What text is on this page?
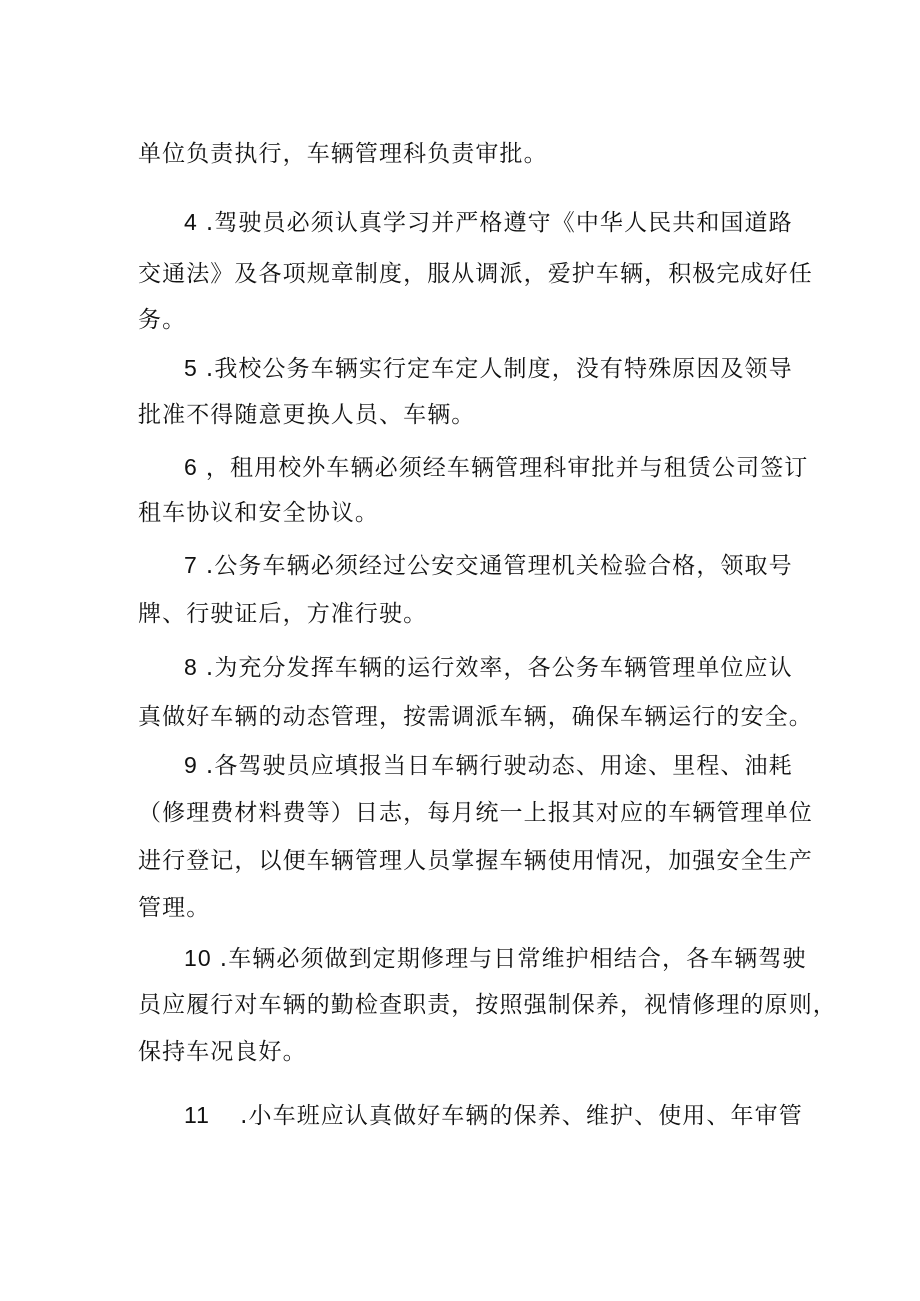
单位负责执行，车辆管理科负责审批。
4 .驾驶员必须认真学习并严格遵守《中华人民共和国道路
交通法》及各项规章制度，服从调派，爱护车辆，积极完成好任
务。
5 .我校公务车辆实行定车定人制度，没有特殊原因及领导
批准不得随意更换人员、车辆。
6 ，租用校外车辆必须经车辆管理科审批并与租赁公司签订
租车协议和安全协议。
7 .公务车辆必须经过公安交通管理机关检验合格，领取号
牌、行驶证后，方准行驶。
8 .为充分发挥车辆的运行效率，各公务车辆管理单位应认
真做好车辆的动态管理，按需调派车辆，确保车辆运行的安全。
9 .各驾驶员应填报当日车辆行驶动态、用途、里程、油耗
（修理费材料费等）日志，每月统一上报其对应的车辆管理单位
进行登记，以便车辆管理人员掌握车辆使用情况，加强安全生产
管理。
10 .车辆必须做到定期修理与日常维护相结合，各车辆驾驶
员应履行对车辆的勤检查职责，按照强制保养，视情修理的原则，
保持车况良好。
11 .小车班应认真做好车辆的保养、维护、使用、年审管
